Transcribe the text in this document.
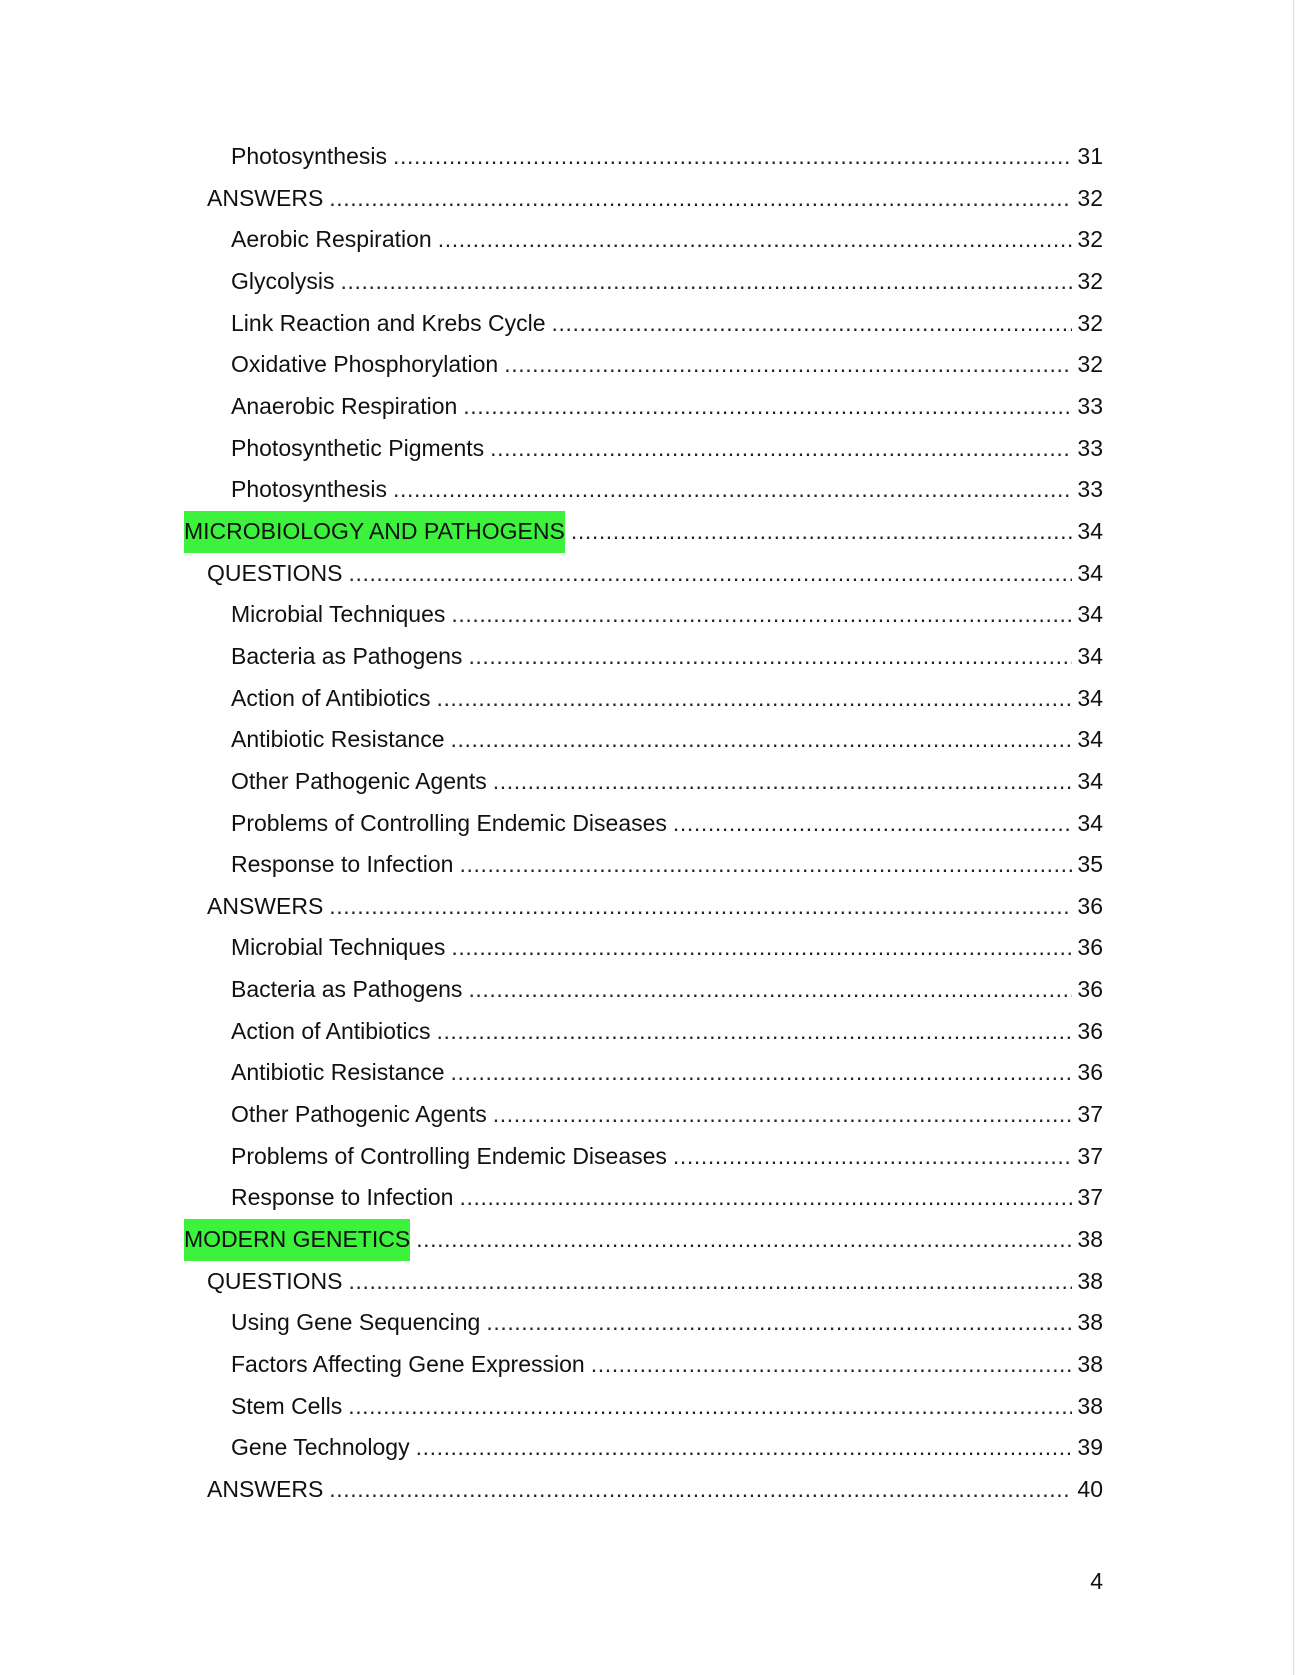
Photosynthesis .....	31
ANSWERS .....	32
Aerobic Respiration .....	32
Glycolysis .....	32
Link Reaction and Krebs Cycle .....	32
Oxidative Phosphorylation .....	32
Anaerobic Respiration .....	33
Photosynthetic Pigments .....	33
Photosynthesis .....	33
MICROBIOLOGY AND PATHOGENS .....	34
QUESTIONS .....	34
Microbial Techniques .....	34
Bacteria as Pathogens .....	34
Action of Antibiotics .....	34
Antibiotic Resistance .....	34
Other Pathogenic Agents .....	34
Problems of Controlling Endemic Diseases .....	34
Response to Infection .....	35
ANSWERS .....	36
Microbial Techniques .....	36
Bacteria as Pathogens .....	36
Action of Antibiotics .....	36
Antibiotic Resistance .....	36
Other Pathogenic Agents .....	37
Problems of Controlling Endemic Diseases .....	37
Response to Infection .....	37
MODERN GENETICS .....	38
QUESTIONS .....	38
Using Gene Sequencing .....	38
Factors Affecting Gene Expression .....	38
Stem Cells .....	38
Gene Technology .....	39
ANSWERS .....	40
4
